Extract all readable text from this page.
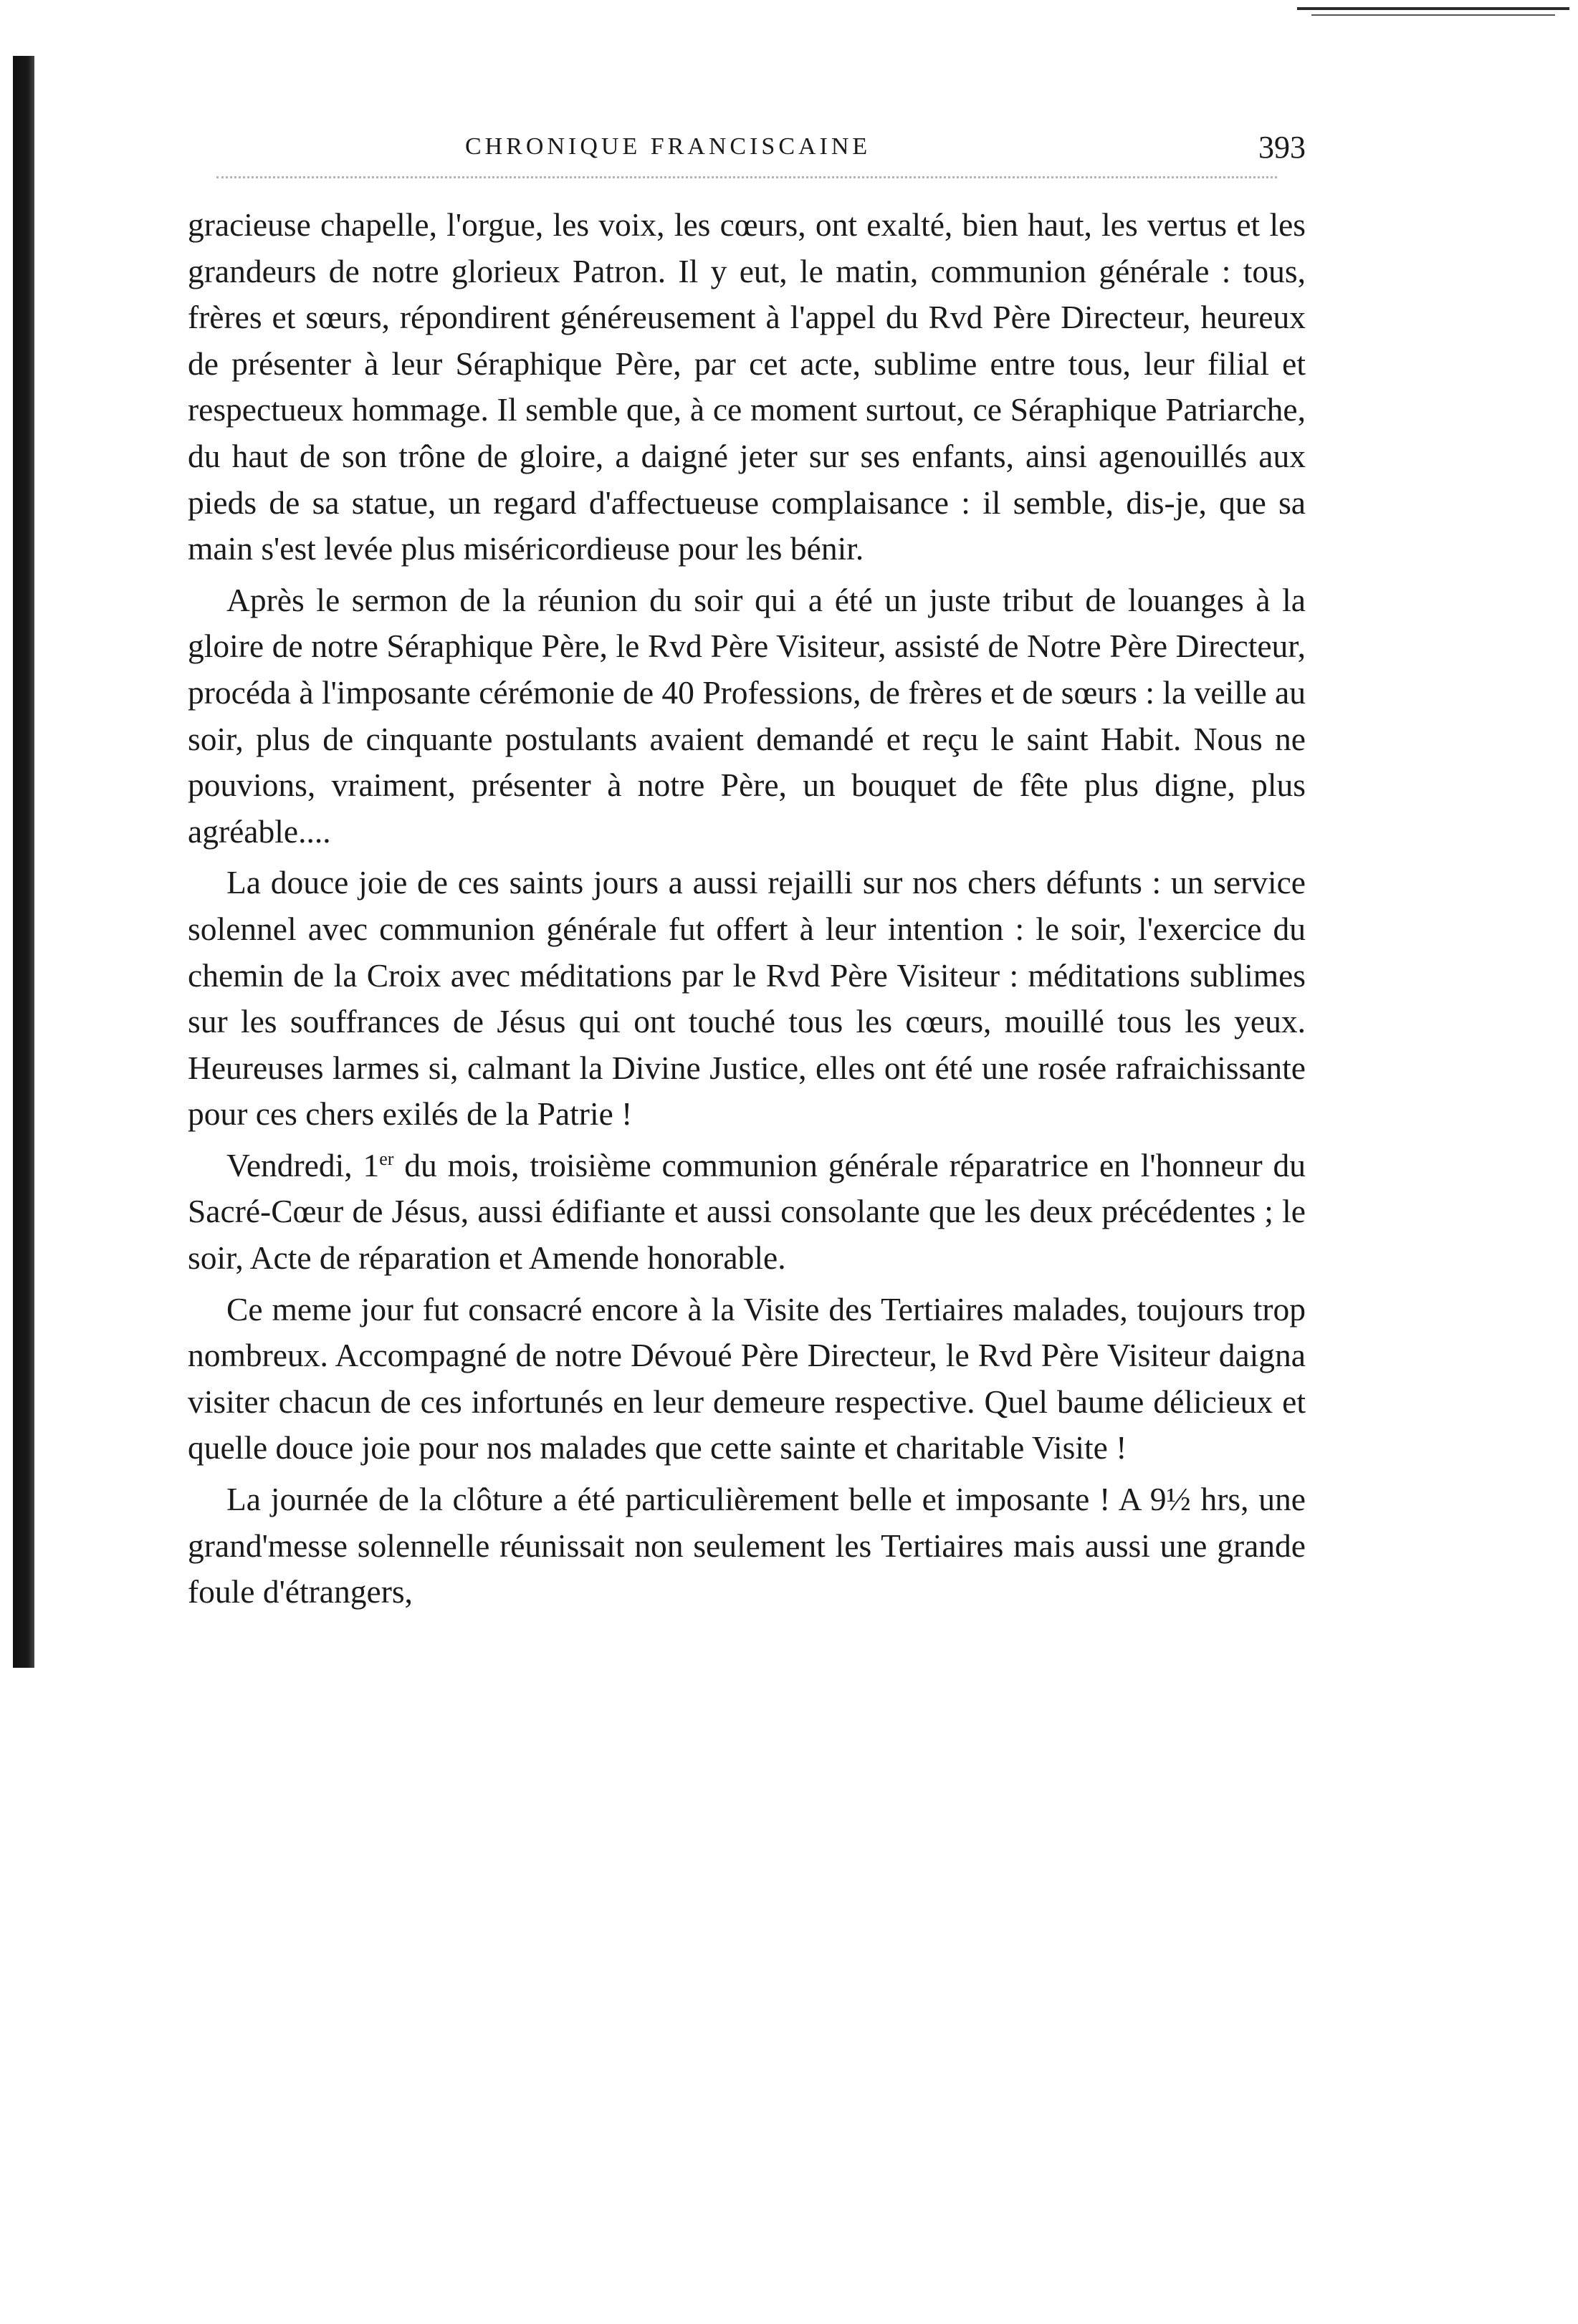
CHRONIQUE FRANCISCAINE	393

gracieuse chapelle, l'orgue, les voix, les cœurs, ont exalté, bien haut, les vertus et les grandeurs de notre glorieux Patron. Il y eut, le matin, communion générale : tous, frères et sœurs, répondirent généreusement à l'appel du Rvd Père Directeur, heureux de présenter à leur Séraphique Père, par cet acte, sublime entre tous, leur filial et respectueux hommage. Il semble que, à ce moment surtout, ce Séraphique Patriarche, du haut de son trône de gloire, a daigné jeter sur ses enfants, ainsi agenouillés aux pieds de sa statue, un regard d'affectueuse complaisance : il semble, dis-je, que sa main s'est levée plus miséricordieuse pour les bénir.

Après le sermon de la réunion du soir qui a été un juste tribut de louanges à la gloire de notre Séraphique Père, le Rvd Père Visiteur, assisté de Notre Père Directeur, procéda à l'imposante cérémonie de 40 Professions, de frères et de sœurs : la veille au soir, plus de cinquante postulants avaient demandé et reçu le saint Habit. Nous ne pouvions, vraiment, présenter à notre Père, un bouquet de fête plus digne, plus agréable....

La douce joie de ces saints jours a aussi rejailli sur nos chers défunts : un service solennel avec communion générale fut offert à leur intention : le soir, l'exercice du chemin de la Croix avec méditations par le Rvd Père Visiteur : méditations sublimes sur les souffrances de Jésus qui ont touché tous les cœurs, mouillé tous les yeux. Heureuses larmes si, calmant la Divine Justice, elles ont été une rosée rafraichissante pour ces chers exilés de la Patrie !

Vendredi, 1er du mois, troisième communion générale réparatrice en l'honneur du Sacré-Cœur de Jésus, aussi édifiante et aussi consolante que les deux précédentes ; le soir, Acte de réparation et Amende honorable.

Ce meme jour fut consacré encore à la Visite des Tertiaires malades, toujours trop nombreux. Accompagné de notre Dévoué Père Directeur, le Rvd Père Visiteur daigna visiter chacun de ces infortunés en leur demeure respective. Quel baume délicieux et quelle douce joie pour nos malades que cette sainte et charitable Visite !

La journée de la clôture a été particulièrement belle et imposante ! A 9½ hrs, une grand'messe solennelle réunissait non seulement les Tertiaires mais aussi une grande foule d'étrangers,
